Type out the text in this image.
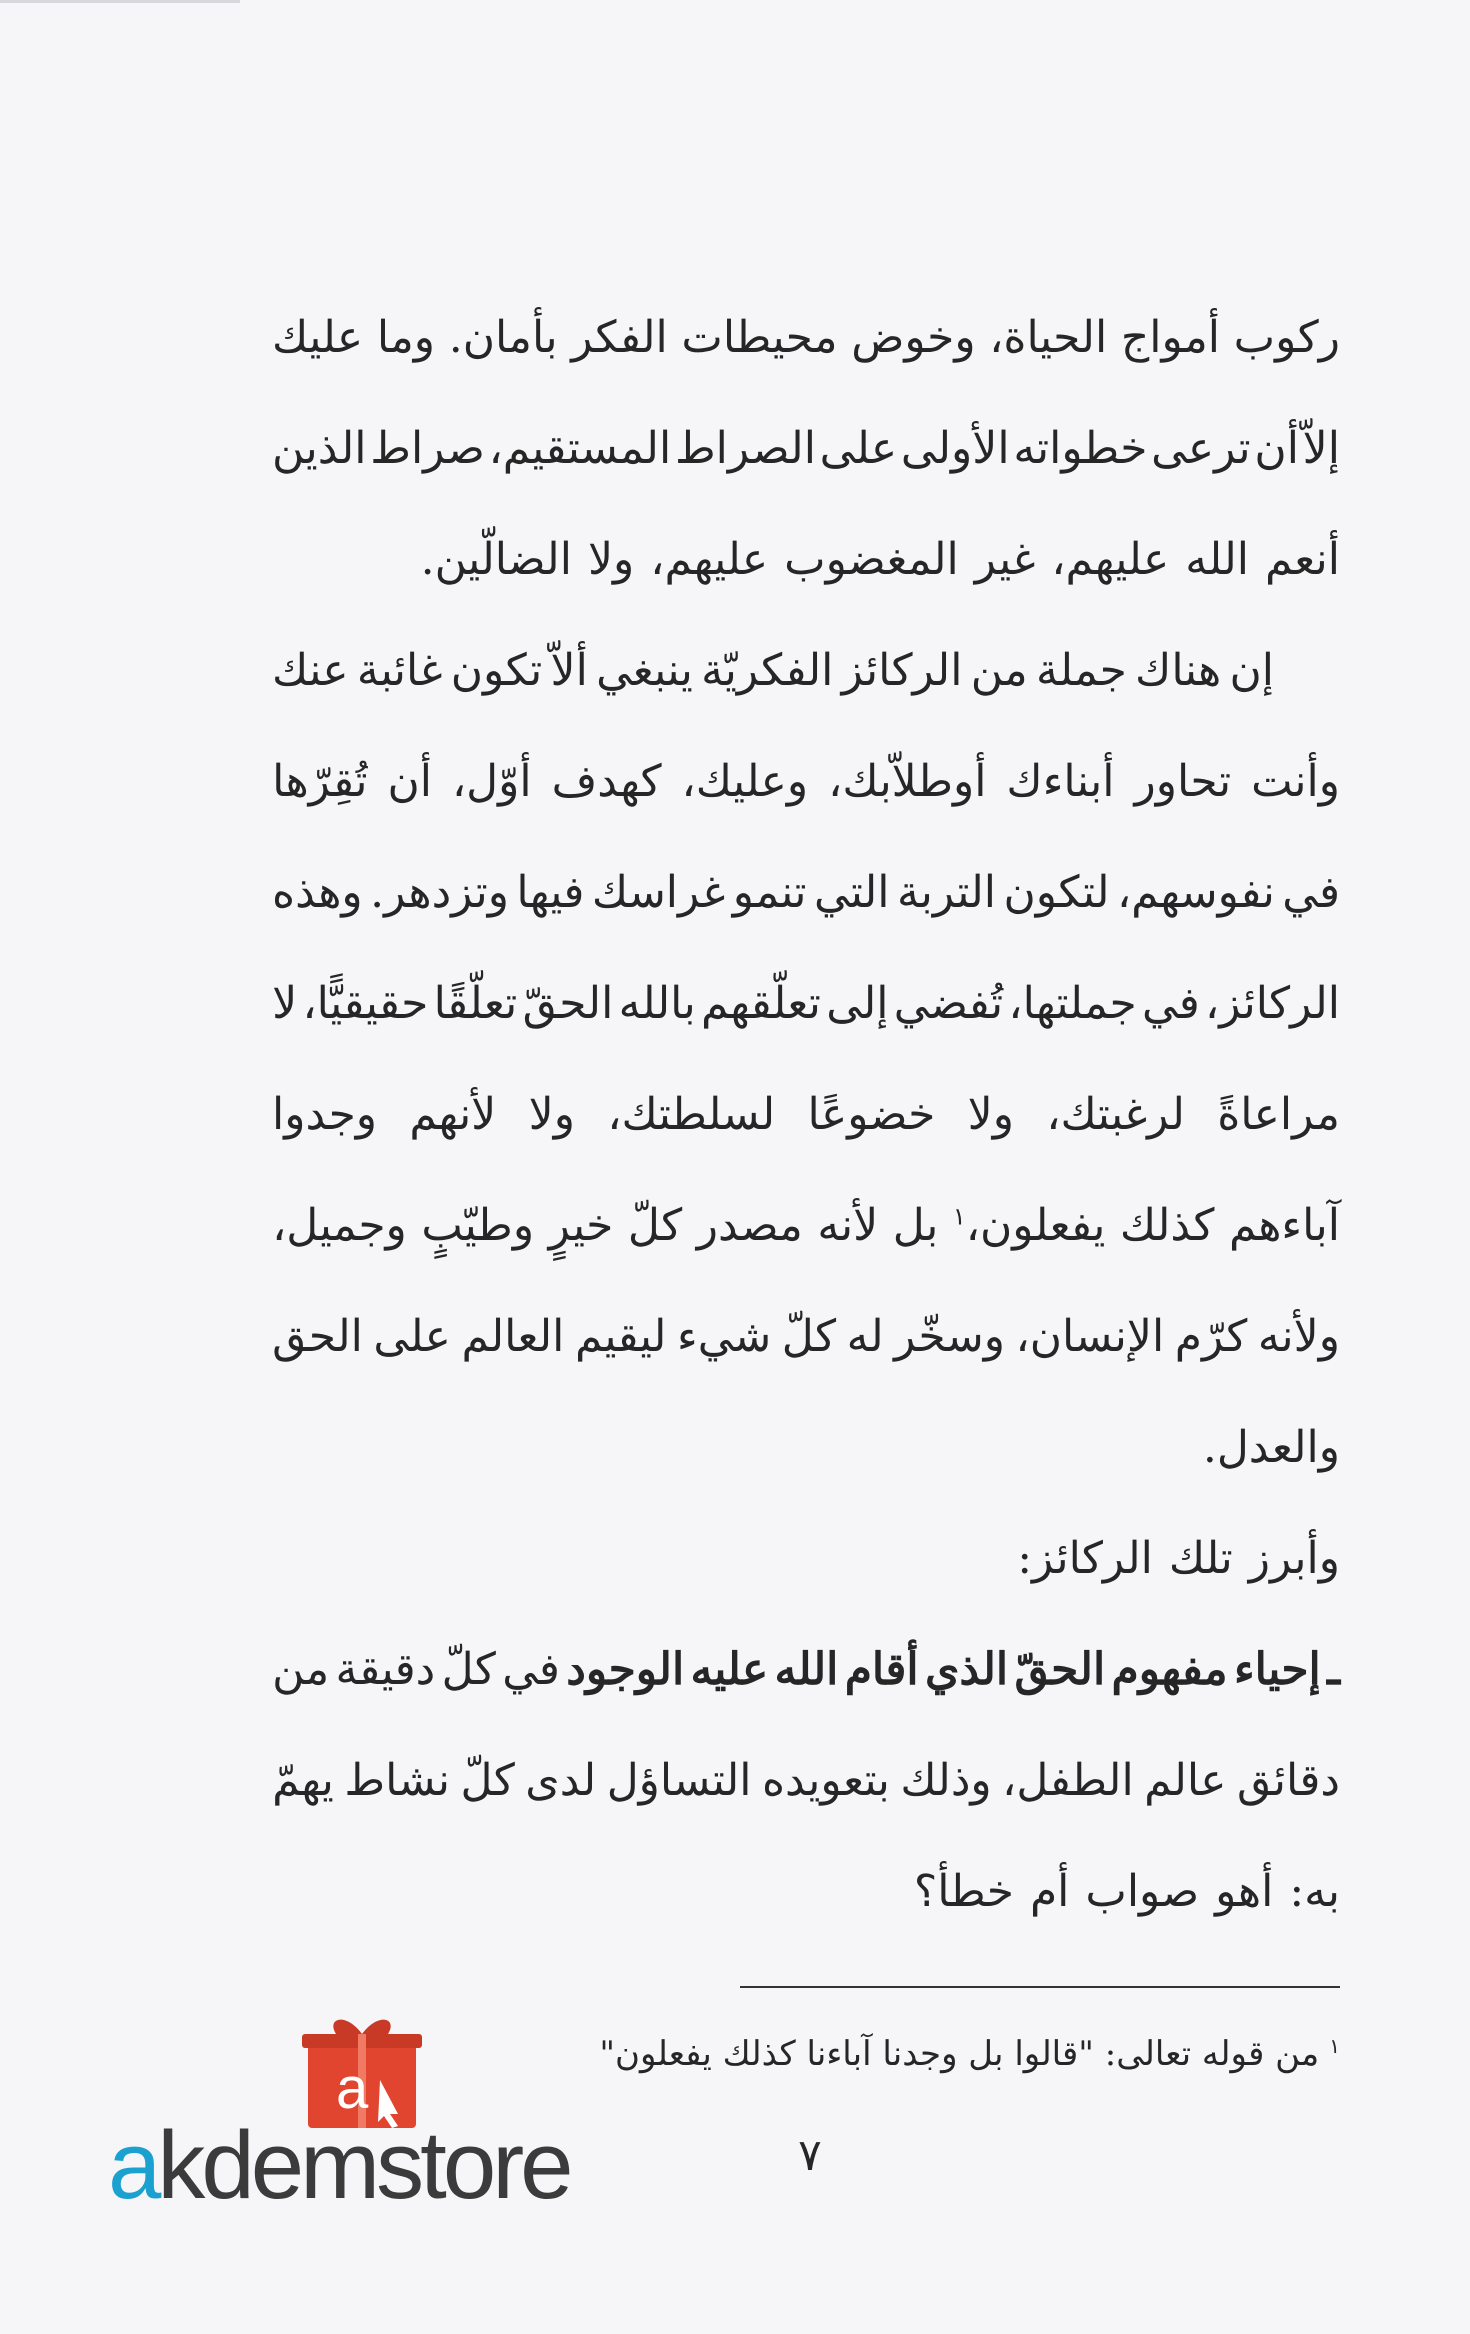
ركوب
أمواج
الحياة،
وخوض
محيطات
الفكر
بأمان.
وما
عليك
إلاّ
أن
ترعى
خطواته
الأولى
على
الصراط
المستقيم،
صراط
الذين
أنعم
الله
عليهم،
غير
المغضوب
عليهم،
ولا
الضالّين.
إن
هناك
جملة
من
الركائز
الفكريّة
ينبغي
ألاّ
تكون
غائبة
عنك
وأنت
تحاور
أبناءك
أوطلاّبك،
وعليك،
كهدف
أوّل،
أن
تُقِرّها
في
نفوسهم،
لتكون
التربة
التي
تنمو
غراسك
فيها
وتزدهر.
وهذه
الركائز،
في
جملتها،
تُفضي
إلى
تعلّقهم
بالله
الحقّ
تعلّقًا
حقيقيًّا،
لا
مراعاةً
لرغبتك،
ولا
خضوعًا
لسلطتك،
ولا
لأنهم
وجدوا
آباءهم
كذلك
يفعلون،$^١$
بل
لأنه
مصدر
كلّ
خيرٍ
وطيّبٍ
وجميل،
ولأنه
كرّم
الإنسان،
وسخّر
له
كلّ
شيء
ليقيم
العالم
على
الحق
والعدل.
وأبرز
تلك
الركائز:
ـ
إحياء
مفهوم
الحقّ
الذي
أقام
الله
عليه
الوجود
في
كلّ
دقيقة
من
دقائق
عالم
الطفل،
وذلك
بتعويده
التساؤل
لدى
كلّ
نشاط
يهمّ
به:
أهو
صواب
أم
خطأ؟
$^١$من قوله تعالى: "قالوا بل وجدنا آباءنا كذلك يفعلون"
٧
a
akdemstore
